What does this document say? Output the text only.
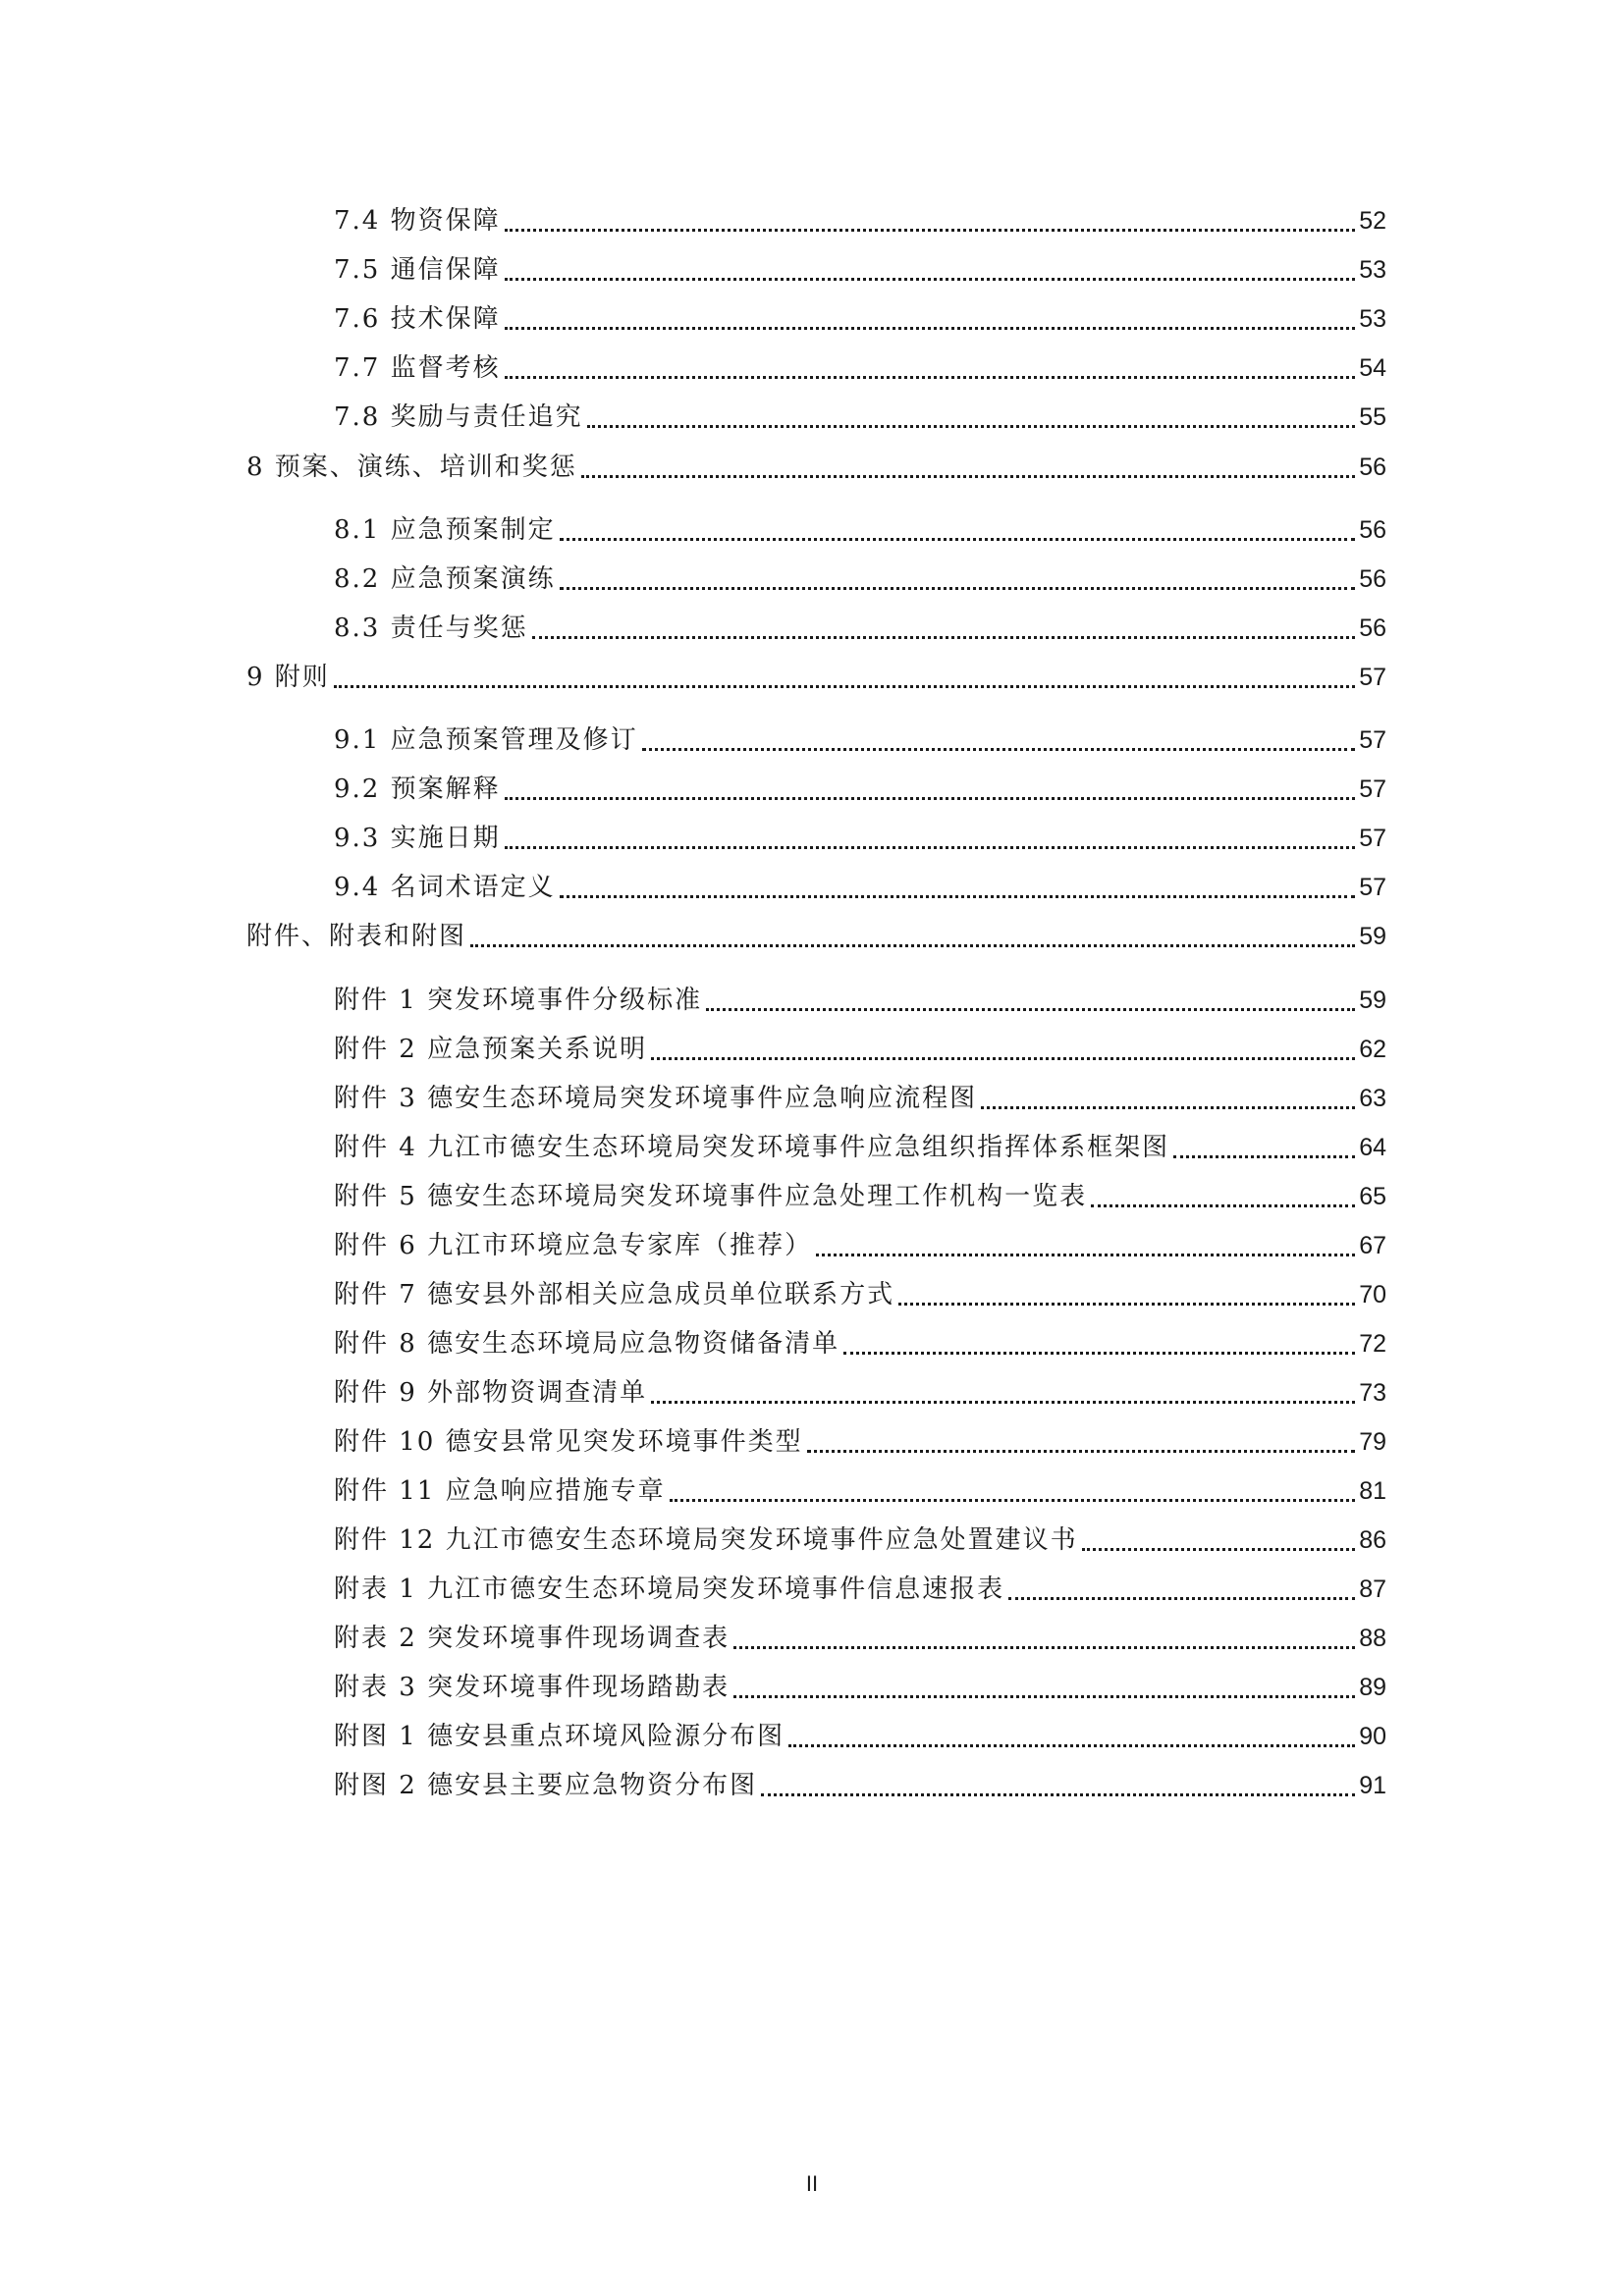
7.4 物资保障	52
7.5 通信保障	53
7.6 技术保障	53
7.7 监督考核	54
7.8 奖励与责任追究	55
8 预案、演练、培训和奖惩	56
8.1 应急预案制定	56
8.2 应急预案演练	56
8.3 责任与奖惩	56
9 附则	57
9.1 应急预案管理及修订	57
9.2 预案解释	57
9.3 实施日期	57
9.4 名词术语定义	57
附件、附表和附图	59
附件 1 突发环境事件分级标准	59
附件 2 应急预案关系说明	62
附件 3 德安生态环境局突发环境事件应急响应流程图	63
附件 4 九江市德安生态环境局突发环境事件应急组织指挥体系框架图	64
附件 5 德安生态环境局突发环境事件应急处理工作机构一览表	65
附件 6 九江市环境应急专家库（推荐）	67
附件 7 德安县外部相关应急成员单位联系方式	70
附件 8 德安生态环境局应急物资储备清单	72
附件 9 外部物资调查清单	73
附件 10 德安县常见突发环境事件类型	79
附件 11 应急响应措施专章	81
附件 12 九江市德安生态环境局突发环境事件应急处置建议书	86
附表 1 九江市德安生态环境局突发环境事件信息速报表	87
附表 2 突发环境事件现场调查表	88
附表 3 突发环境事件现场踏勘表	89
附图 1 德安县重点环境风险源分布图	90
附图 2 德安县主要应急物资分布图	91
II
